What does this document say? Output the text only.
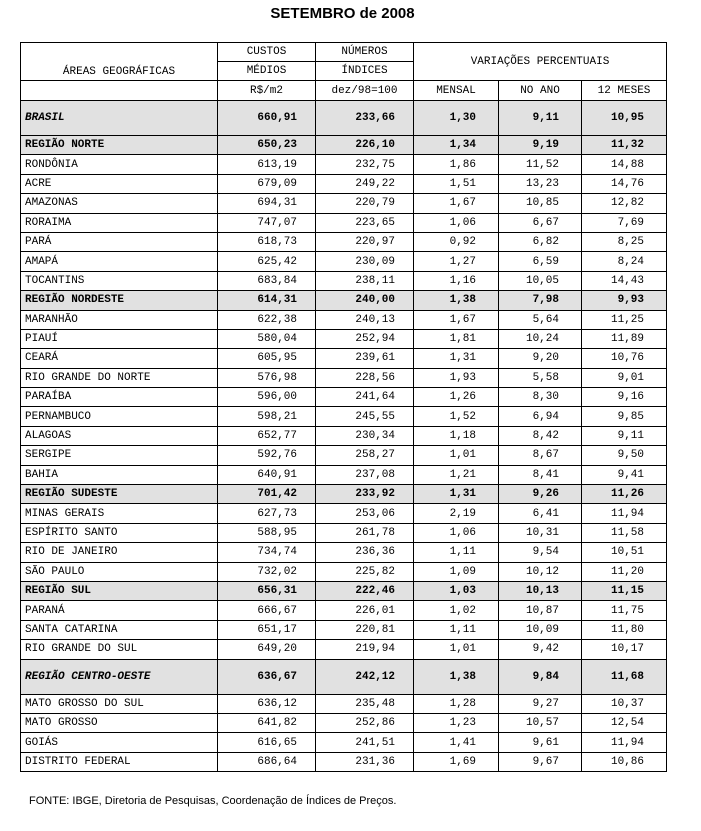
SETEMBRO de 2008
ÁREAS GEOGRÁFICAS	CUSTOS	NÚMEROS	VARIAÇÕES PERCENTUAIS		
	MÉDIOS	ÍNDICES			
	R$/m2	dez/98=100	MENSAL	NO ANO	12 MESES
BRASIL	660,91	233,66	1,30	9,11	10,95
REGIÃO NORTE	650,23	226,10	1,34	9,19	11,32
RONDÔNIA	613,19	232,75	1,86	11,52	14,88
ACRE	679,09	249,22	1,51	13,23	14,76
AMAZONAS	694,31	220,79	1,67	10,85	12,82
RORAIMA	747,07	223,65	1,06	6,67	7,69
PARÁ	618,73	220,97	0,92	6,82	8,25
AMAPÁ	625,42	230,09	1,27	6,59	8,24
TOCANTINS	683,84	238,11	1,16	10,05	14,43
REGIÃO NORDESTE	614,31	240,00	1,38	7,98	9,93
MARANHÃO	622,38	240,13	1,67	5,64	11,25
PIAUÍ	580,04	252,94	1,81	10,24	11,89
CEARÁ	605,95	239,61	1,31	9,20	10,76
RIO GRANDE DO NORTE	576,98	228,56	1,93	5,58	9,01
PARAÍBA	596,00	241,64	1,26	8,30	9,16
PERNAMBUCO	598,21	245,55	1,52	6,94	9,85
ALAGOAS	652,77	230,34	1,18	8,42	9,11
SERGIPE	592,76	258,27	1,01	8,67	9,50
BAHIA	640,91	237,08	1,21	8,41	9,41
REGIÃO SUDESTE	701,42	233,92	1,31	9,26	11,26
MINAS GERAIS	627,73	253,06	2,19	6,41	11,94
ESPÍRITO SANTO	588,95	261,78	1,06	10,31	11,58
RIO DE JANEIRO	734,74	236,36	1,11	9,54	10,51
SÃO PAULO	732,02	225,82	1,09	10,12	11,20
REGIÃO SUL	656,31	222,46	1,03	10,13	11,15
PARANÁ	666,67	226,01	1,02	10,87	11,75
SANTA CATARINA	651,17	220,81	1,11	10,09	11,80
RIO GRANDE DO SUL	649,20	219,94	1,01	9,42	10,17
REGIÃO CENTRO-OESTE	636,67	242,12	1,38	9,84	11,68
MATO GROSSO DO SUL	636,12	235,48	1,28	9,27	10,37
MATO GROSSO	641,82	252,86	1,23	10,57	12,54
GOIÁS	616,65	241,51	1,41	9,61	11,94
DISTRITO FEDERAL	686,64	231,36	1,69	9,67	10,86
FONTE: IBGE, Diretoria de Pesquisas, Coordenação de Índices de Preços.
